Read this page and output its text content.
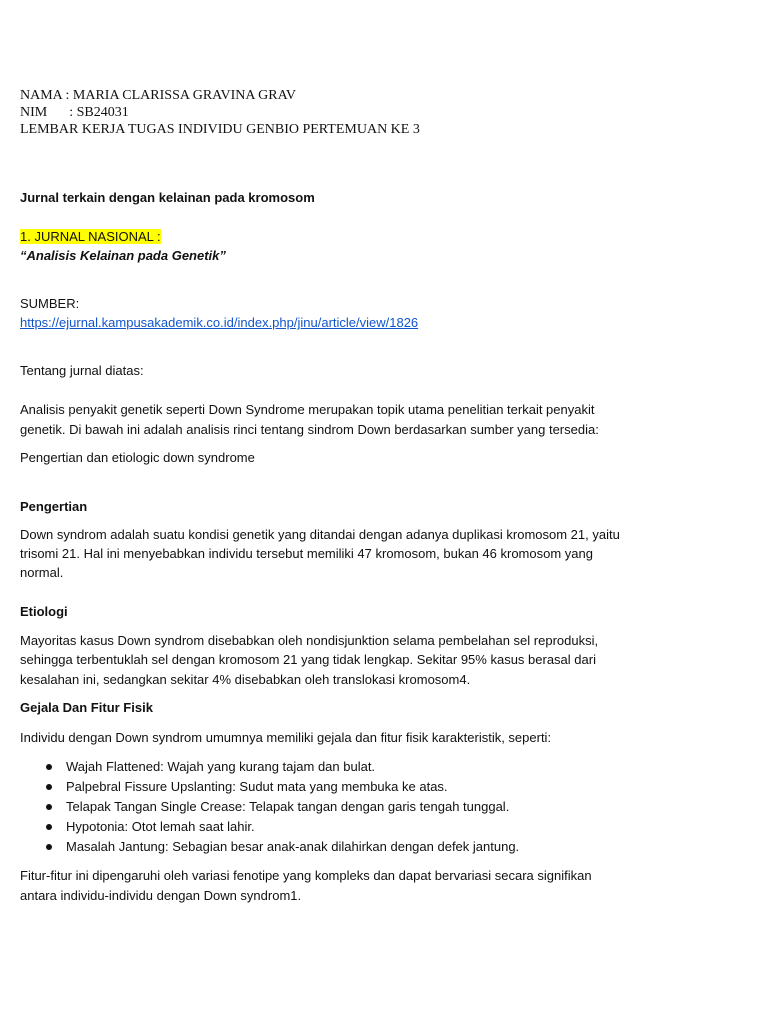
NAMA : MARIA CLARISSA GRAVINA GRAV

NIM : SB24031

LEMBAR KERJA TUGAS INDIVIDU GENBIO PERTEMUAN KE 3

Jurnal terkain dengan kelainan pada kromosom

1. JURNAL NASIONAL :

“Analisis Kelainan pada Genetik”

SUMBER:

https://ejurnal.kampusakademik.co.id/index.php/jinu/article/view/1826

Tentang jurnal diatas:

Analisis penyakit genetik seperti Down Syndrome merupakan topik utama penelitian terkait penyakit

genetik. Di bawah ini adalah analisis rinci tentang sindrom Down berdasarkan sumber yang tersedia:

Pengertian dan etiologic down syndrome

Pengertian

Down syndrom adalah suatu kondisi genetik yang ditandai dengan adanya duplikasi kromosom 21, yaitu

trisomi 21. Hal ini menyebabkan individu tersebut memiliki 47 kromosom, bukan 46 kromosom yang

normal.

Etiologi

Mayoritas kasus Down syndrom disebabkan oleh nondisjunktion selama pembelahan sel reproduksi,

sehingga terbentuklah sel dengan kromosom 21 yang tidak lengkap. Sekitar 95% kasus berasal dari

kesalahan ini, sedangkan sekitar 4% disebabkan oleh translokasi kromosom4.

Gejala Dan Fitur Fisik

Individu dengan Down syndrom umumnya memiliki gejala dan fitur fisik karakteristik, seperti:

Wajah Flattened: Wajah yang kurang tajam dan bulat.
Palpebral Fissure Upslanting: Sudut mata yang membuka ke atas.
Telapak Tangan Single Crease: Telapak tangan dengan garis tengah tunggal.
Hypotonia: Otot lemah saat lahir.
Masalah Jantung: Sebagian besar anak-anak dilahirkan dengan defek jantung.

Fitur-fitur ini dipengaruhi oleh variasi fenotipe yang kompleks dan dapat bervariasi secara signifikan

antara individu-individu dengan Down syndrom1.
